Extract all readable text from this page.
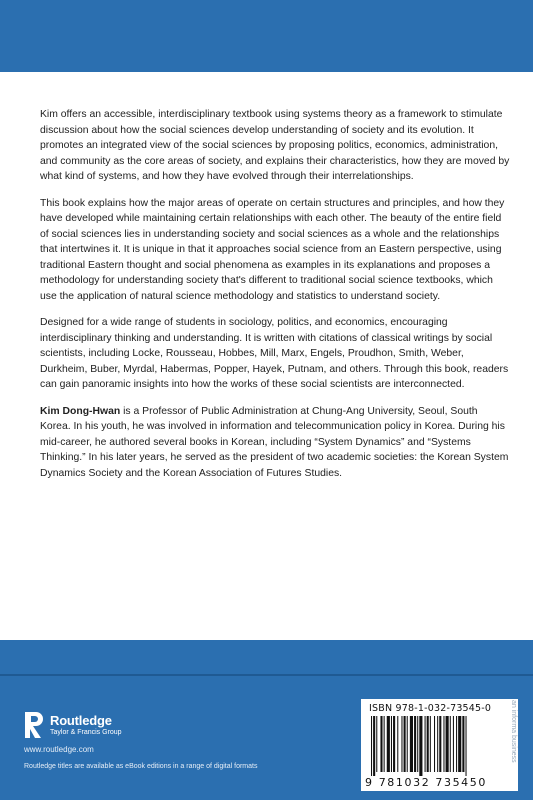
Kim offers an accessible, interdisciplinary textbook using systems theory as a framework to stimulate discussion about how the social sciences develop understanding of society and its evolution. It promotes an integrated view of the social sciences by proposing politics, economics, administration, and community as the core areas of society, and explains their characteristics, how they are moved by what kind of systems, and how they have evolved through their interrelationships.

This book explains how the major areas of operate on certain structures and principles, and how they have developed while maintaining certain relationships with each other. The beauty of the entire field of social sciences lies in understanding society and social sciences as a whole and the relationships that intertwines it. It is unique in that it approaches social science from an Eastern perspective, using traditional Eastern thought and social phenomena as examples in its explanations and proposes a methodology for understanding society that's different to traditional social science textbooks, which use the application of natural science methodology and statistics to understand society.

Designed for a wide range of students in sociology, politics, and economics, encouraging interdisciplinary thinking and understanding. It is written with citations of classical writings by social scientists, including Locke, Rousseau, Hobbes, Mill, Marx, Engels, Proudhon, Smith, Weber, Durkheim, Buber, Myrdal, Habermas, Popper, Hayek, Putnam, and others. Through this book, readers can gain panoramic insights into how the works of these social scientists are interconnected.

Kim Dong-Hwan is a Professor of Public Administration at Chung-Ang University, Seoul, South Korea. In his youth, he was involved in information and telecommunication policy in Korea. During his mid-career, he authored several books in Korean, including “System Dynamics” and “Systems Thinking.” In his later years, he served as the president of two academic societies: the Korean System Dynamics Society and the Korean Association of Futures Studies.

Routledge
Taylor & Francis Group
www.routledge.com
Routledge titles are available as eBook editions in a range of digital formats
ISBN 978-1-032-73545-0
9 781032 735450
an informa business
